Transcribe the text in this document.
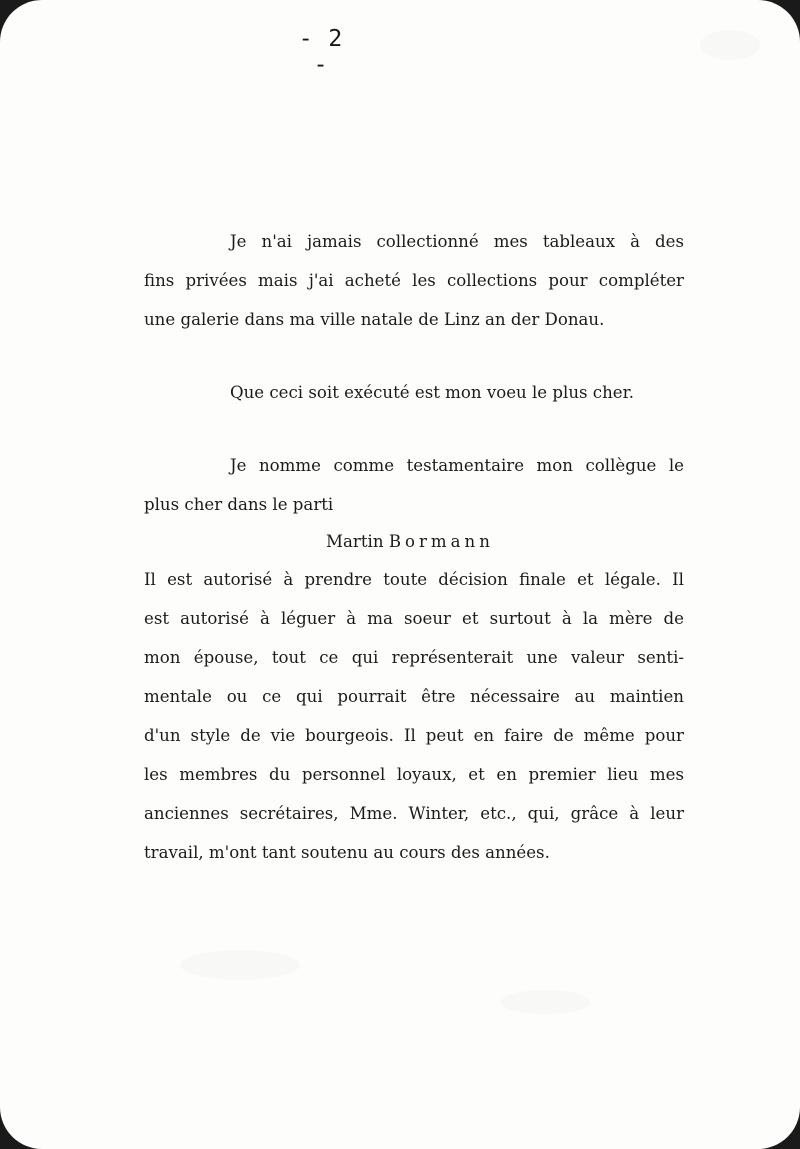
- 2 -
Je n'ai jamais collectionné mes tableaux à des
fins privées mais j'ai acheté les collections pour compléter
une galerie dans ma ville natale de Linz an der Donau.
Que ceci soit exécuté est mon voeu le plus cher.
Je nomme comme testamentaire mon collègue le
plus cher dans le parti
Martin Bormann
Il est autorisé à prendre toute décision finale et légale. Il
est autorisé à léguer à ma soeur et surtout à la mère de
mon épouse, tout ce qui représenterait une valeur senti-
mentale ou ce qui pourrait être nécessaire au maintien
d'un style de vie bourgeois. Il peut en faire de même pour
les membres du personnel loyaux, et en premier lieu mes
anciennes secrétaires, Mme. Winter, etc., qui, grâce à leur
travail, m'ont tant soutenu au cours des années.
